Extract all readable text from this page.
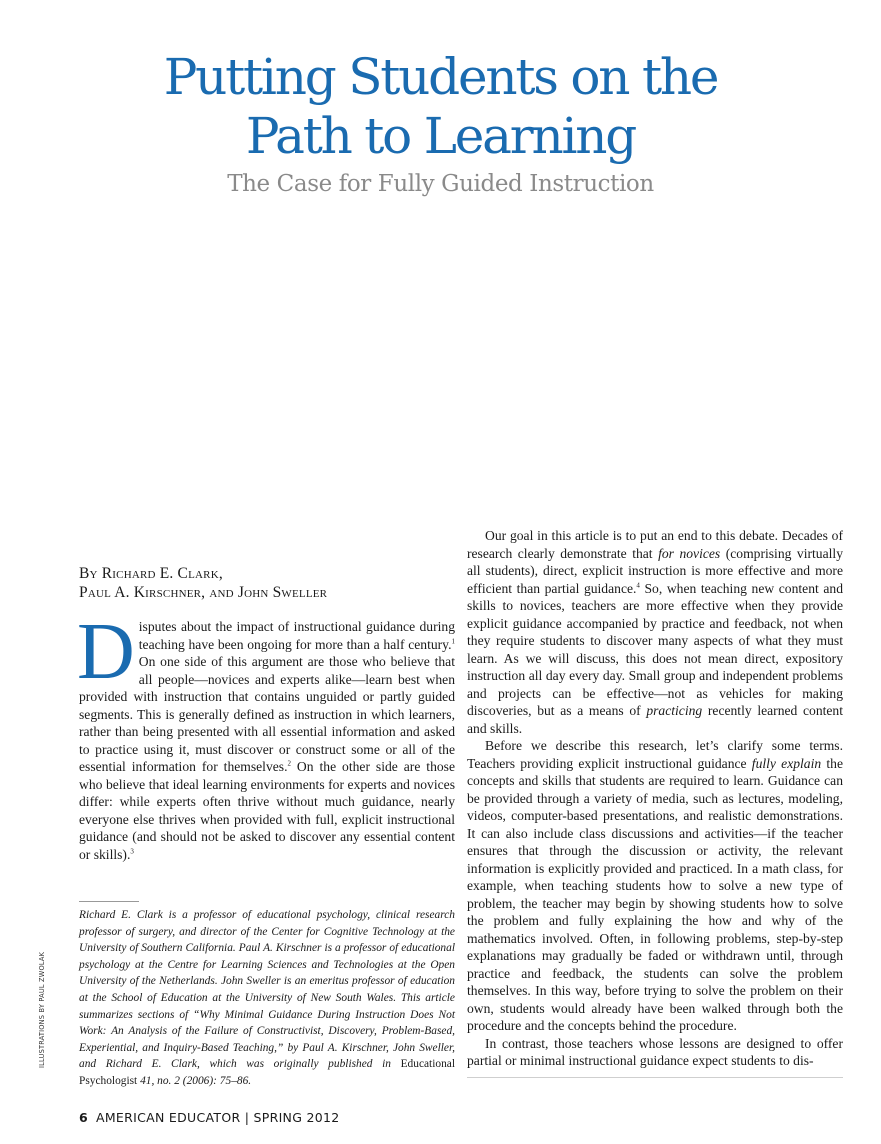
Putting Students on the
Path to Learning
The Case for Fully Guided Instruction
By Richard E. Clark,
Paul A. Kirschner, and John Sweller

Disputes about the impact of instructional guidance during teaching have been ongoing for more than a half century.$^1$ On one side of this argument are those who believe that all people—novices and experts alike—learn best when provided with instruction that contains unguided or partly guided segments. This is generally defined as instruction in which learners, rather than being presented with all essential information and asked to practice using it, must discover or construct some or all of the essential information for themselves.$^2$ On the other side are those who believe that ideal learning environments for experts and novices differ: while experts often thrive without much guidance, nearly everyone else thrives when provided with full, explicit instructional guidance (and should not be asked to discover any essential content or skills).$^3$

Richard E. Clark is a professor of educational psychology, clinical research professor of surgery, and director of the Center for Cognitive Technology at the University of Southern California. Paul A. Kirschner is a professor of educational psychology at the Centre for Learning Sciences and Technologies at the Open University of the Netherlands. John Sweller is an emeritus professor of education at the School of Education at the University of New South Wales. This article summarizes sections of “Why Minimal Guidance During Instruction Does Not Work: An Analysis of the Failure of Constructivist, Discovery, Problem-Based, Experiential, and Inquiry-Based Teaching,” by Paul A. Kirschner, John Sweller, and Richard E. Clark, which was originally published in Educational Psychologist 41, no. 2 (2006): 75–86.

Our goal in this article is to put an end to this debate. Decades of research clearly demonstrate that for novices (comprising virtually all students), direct, explicit instruction is more effective and more efficient than partial guidance.$^4$ So, when teaching new content and skills to novices, teachers are more effective when they provide explicit guidance accompanied by practice and feedback, not when they require students to discover many aspects of what they must learn. As we will discuss, this does not mean direct, expository instruction all day every day. Small group and independent problems and projects can be effective—not as vehicles for making discoveries, but as a means of practicing recently learned content and skills.

Before we describe this research, let’s clarify some terms. Teachers providing explicit instructional guidance fully explain the concepts and skills that students are required to learn. Guidance can be provided through a variety of media, such as lectures, modeling, videos, computer-based presentations, and realistic demonstrations. It can also include class discussions and activities—if the teacher ensures that through the discussion or activity, the relevant information is explicitly provided and practiced. In a math class, for example, when teaching students how to solve a new type of problem, the teacher may begin by showing students how to solve the problem and fully explaining the how and why of the mathematics involved. Often, in following problems, step-by-step explanations may gradually be faded or withdrawn until, through practice and feedback, the students can solve the problem themselves. In this way, before trying to solve the problem on their own, students would already have been walked through both the procedure and the concepts behind the procedure.

In contrast, those teachers whose lessons are designed to offer partial or minimal instructional guidance expect students to dis-

ILLUSTRATIONS BY PAUL ZWOLAK
6 AMERICAN EDUCATOR | SPRING 2012
